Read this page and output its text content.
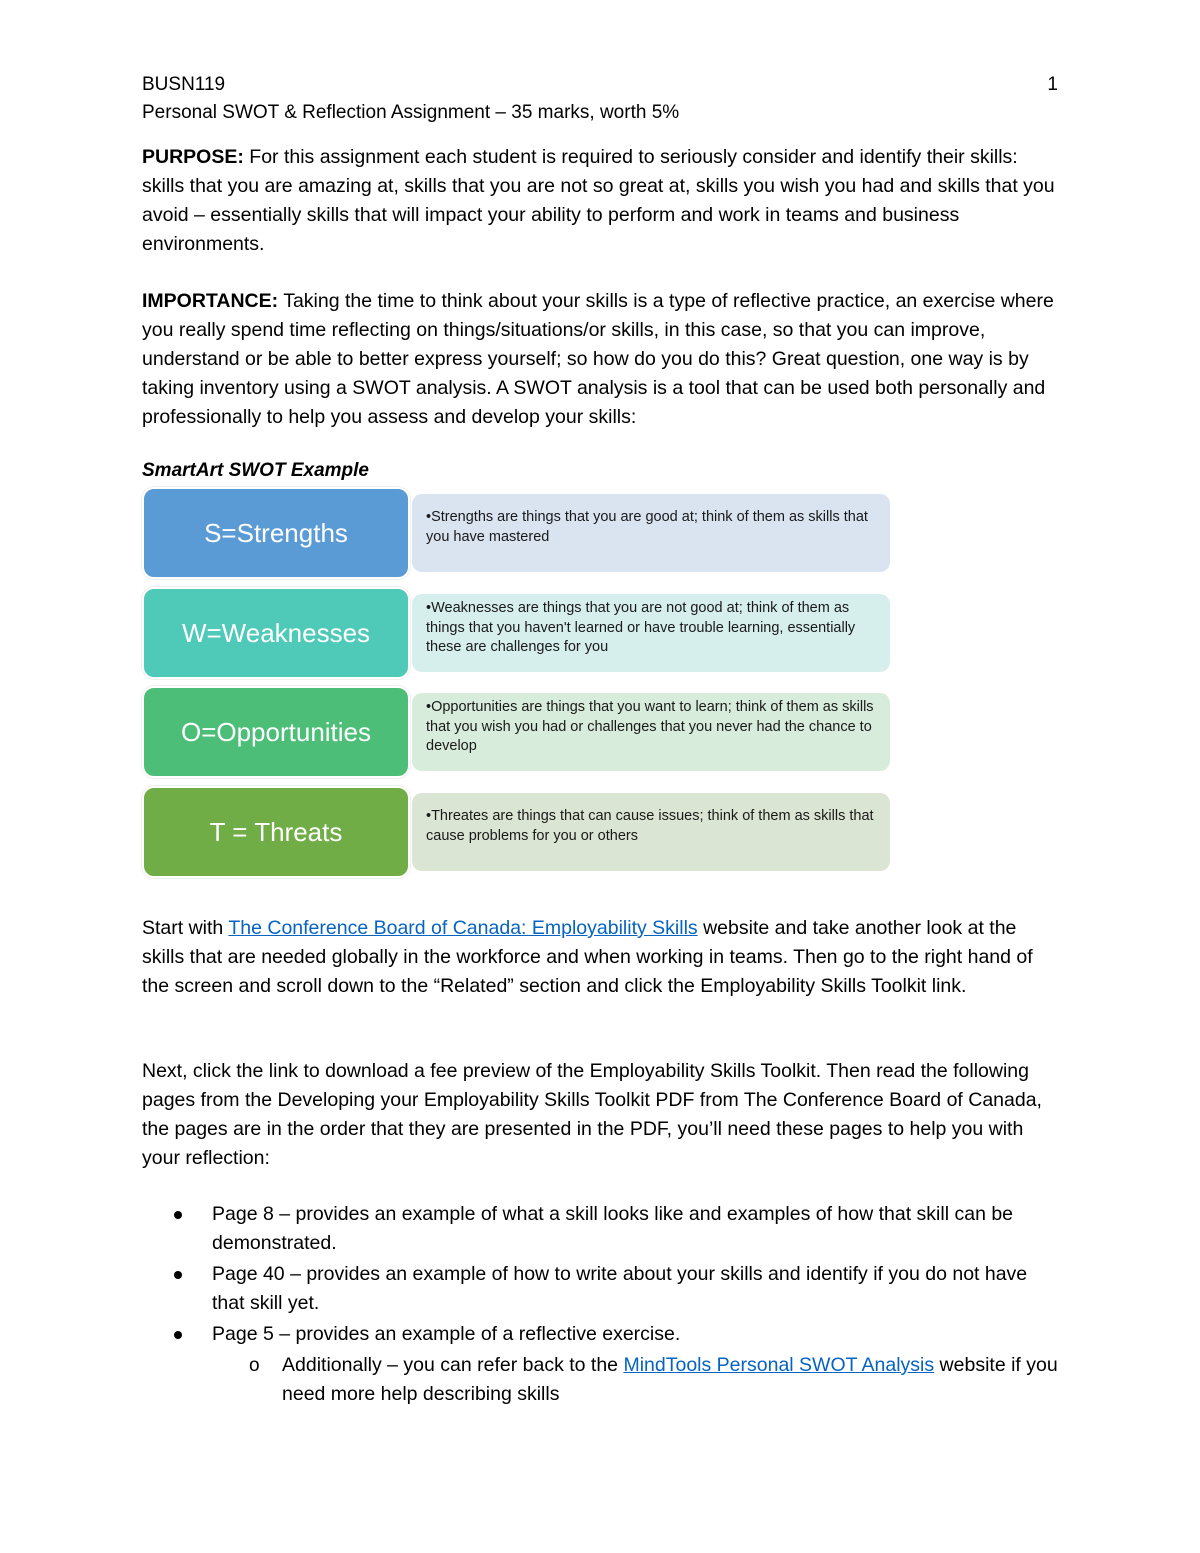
BUSN119	1
Personal SWOT & Reflection Assignment – 35 marks, worth 5%
PURPOSE: For this assignment each student is required to seriously consider and identify their skills: skills that you are amazing at, skills that you are not so great at, skills you wish you had and skills that you avoid – essentially skills that will impact your ability to perform and work in teams and business environments.
IMPORTANCE: Taking the time to think about your skills is a type of reflective practice, an exercise where you really spend time reflecting on things/situations/or skills, in this case, so that you can improve, understand or be able to better express yourself; so how do you do this? Great question, one way is by taking inventory using a SWOT analysis. A SWOT analysis is a tool that can be used both personally and professionally to help you assess and develop your skills:
SmartArt SWOT Example
•Strengths are things that you are good at; think of them as skills that you have mastered
S=Strengths
•Weaknesses are things that you are not good at; think of them as things that you haven't learned or have trouble learning, essentially these are challenges for you
W=Weaknesses
•Opportunities are things that you want to learn; think of them as skills that you wish you had or challenges that you never had the chance to develop
O=Opportunities
•Threates are things that can cause issues; think of them as skills that cause problems for you or others
T = Threats
Start with The Conference Board of Canada: Employability Skills website and take another look at the skills that are needed globally in the workforce and when working in teams. Then go to the right hand of the screen and scroll down to the “Related” section and click the Employability Skills Toolkit link.
Next, click the link to download a fee preview of the Employability Skills Toolkit. Then read the following pages from the Developing your Employability Skills Toolkit PDF from The Conference Board of Canada, the pages are in the order that they are presented in the PDF, you’ll need these pages to help you with your reflection:
Page 8 – provides an example of what a skill looks like and examples of how that skill can be demonstrated.
Page 40 – provides an example of how to write about your skills and identify if you do not have that skill yet.
Page 5 – provides an example of a reflective exercise.
o Additionally – you can refer back to the MindTools Personal SWOT Analysis website if you need more help describing skills
